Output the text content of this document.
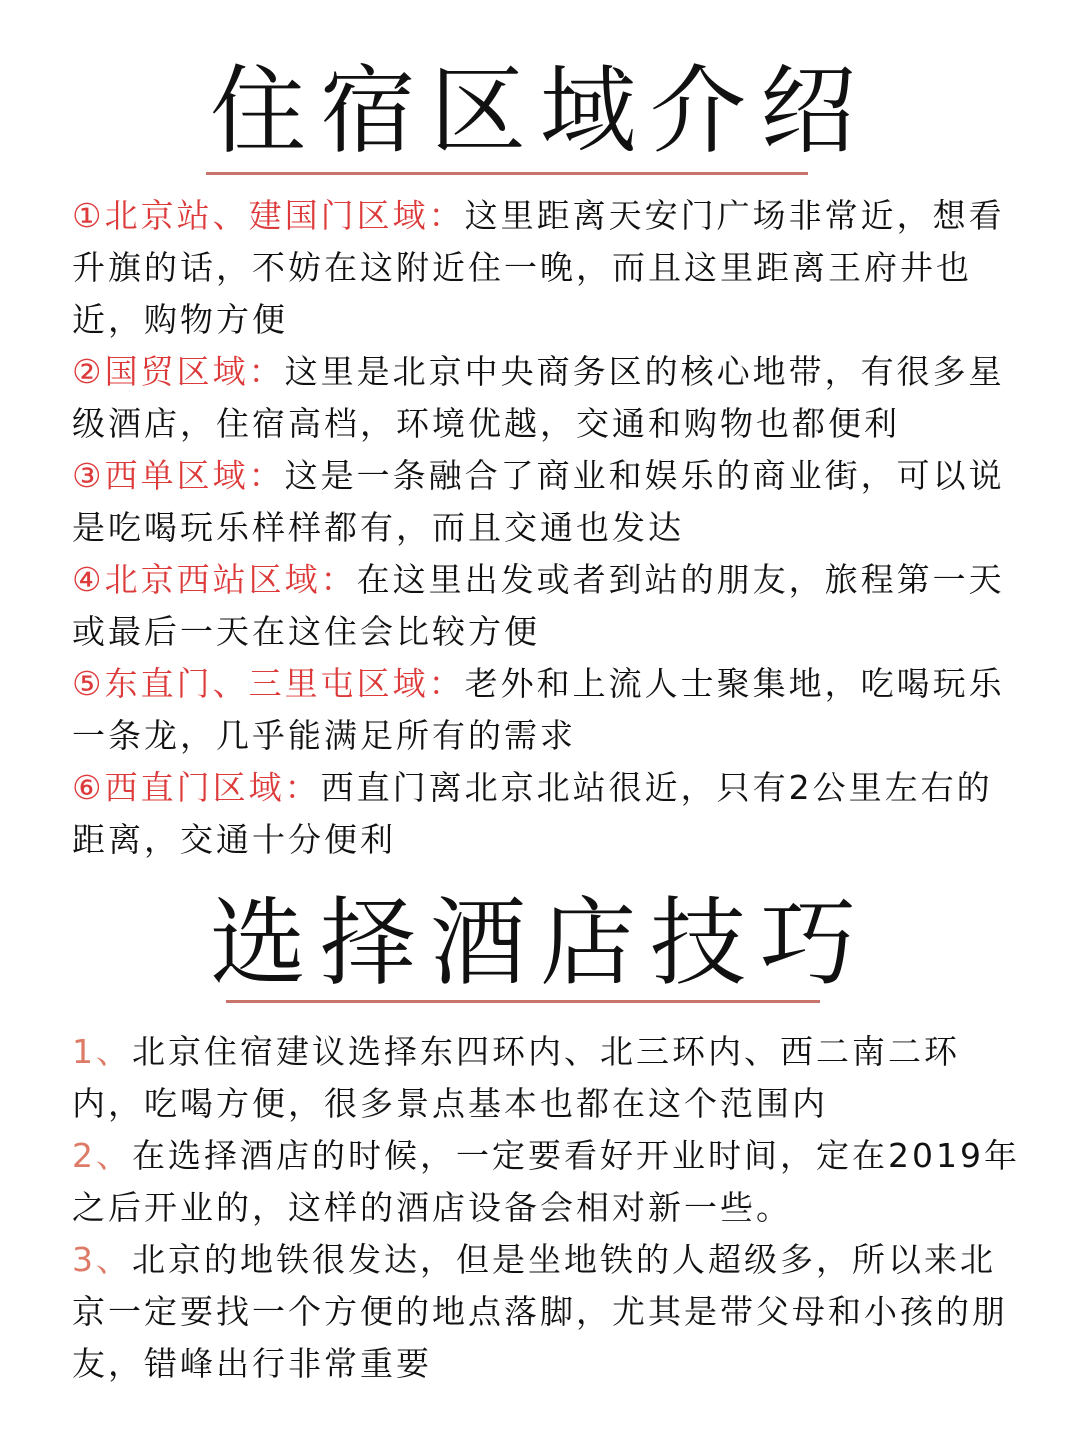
住宿区域介绍

①北京站、建国门区域：这里距离天安门广场非常近，想看升旗的话，不妨在这附近住一晚，而且这里距离王府井也近，购物方便

②国贸区域：这里是北京中央商务区的核心地带，有很多星级酒店，住宿高档，环境优越，交通和购物也都便利

③西单区域：这是一条融合了商业和娱乐的商业街，可以说是吃喝玩乐样样都有，而且交通也发达

④北京西站区域：在这里出发或者到站的朋友，旅程第一天或最后一天在这住会比较方便

⑤东直门、三里屯区域：老外和上流人士聚集地，吃喝玩乐一条龙，几乎能满足所有的需求

⑥西直门区域：西直门离北京北站很近，只有2公里左右的距离，交通十分便利

选择酒店技巧

1、北京住宿建议选择东四环内、北三环内、西二南二环内，吃喝方便，很多景点基本也都在这个范围内

2、在选择酒店的时候，一定要看好开业时间，定在2019年之后开业的，这样的酒店设备会相对新一些。

3、北京的地铁很发达，但是坐地铁的人超级多，所以来北京一定要找一个方便的地点落脚，尤其是带父母和小孩的朋友，错峰出行非常重要
